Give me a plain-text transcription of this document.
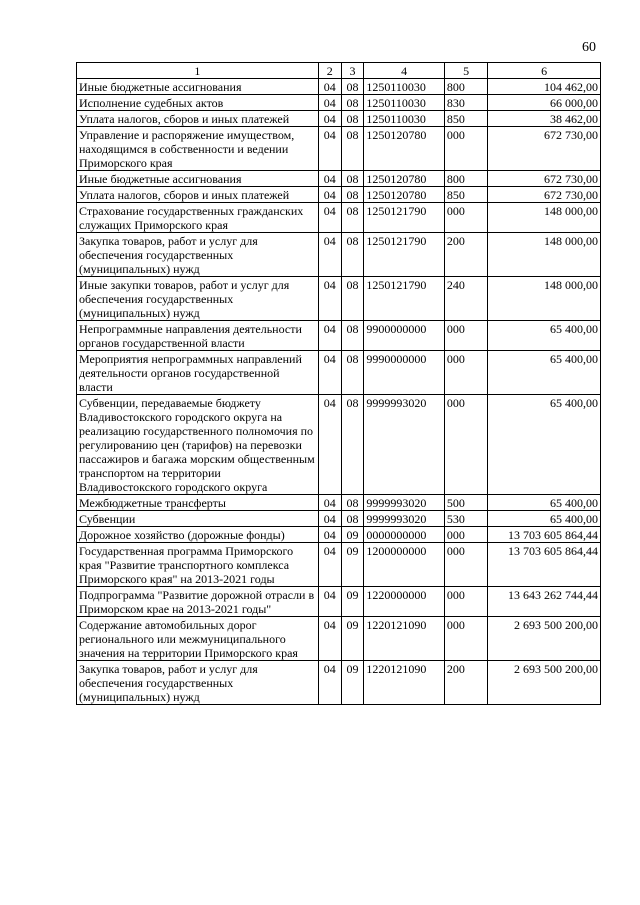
60
1	2	3	4	5	6
Иные бюджетные ассигнования	04	08	1250110030	800	104 462,00
Исполнение судебных актов	04	08	1250110030	830	66 000,00
Уплата налогов, сборов и иных платежей	04	08	1250110030	850	38 462,00
Управление и распоряжение имуществом, находящимся в собственности и ведении Приморского края	04	08	1250120780	000	672 730,00
Иные бюджетные ассигнования	04	08	1250120780	800	672 730,00
Уплата налогов, сборов и иных платежей	04	08	1250120780	850	672 730,00
Страхование государственных гражданских служащих Приморского края	04	08	1250121790	000	148 000,00
Закупка товаров, работ и услуг для обеспечения государственных (муниципальных) нужд	04	08	1250121790	200	148 000,00
Иные закупки товаров, работ и услуг для обеспечения государственных (муниципальных) нужд	04	08	1250121790	240	148 000,00
Непрограммные направления деятельности органов государственной власти	04	08	9900000000	000	65 400,00
Мероприятия непрограммных направлений деятельности органов государственной власти	04	08	9990000000	000	65 400,00
Субвенции, передаваемые бюджету Владивостокского городского округа на реализацию государственного полномочия по регулированию цен (тарифов) на перевозки пассажиров и багажа морским общественным транспортом на территории Владивостокского городского округа	04	08	9999993020	000	65 400,00
Межбюджетные трансферты	04	08	9999993020	500	65 400,00
Субвенции	04	08	9999993020	530	65 400,00
Дорожное хозяйство (дорожные фонды)	04	09	0000000000	000	13 703 605 864,44
Государственная программа Приморского края "Развитие транспортного комплекса Приморского края" на 2013-2021 годы	04	09	1200000000	000	13 703 605 864,44
Подпрограмма "Развитие дорожной отрасли в Приморском крае на 2013-2021 годы"	04	09	1220000000	000	13 643 262 744,44
Содержание автомобильных дорог регионального или межмуниципального значения на территории Приморского края	04	09	1220121090	000	2 693 500 200,00
Закупка товаров, работ и услуг для обеспечения государственных (муниципальных) нужд	04	09	1220121090	200	2 693 500 200,00
